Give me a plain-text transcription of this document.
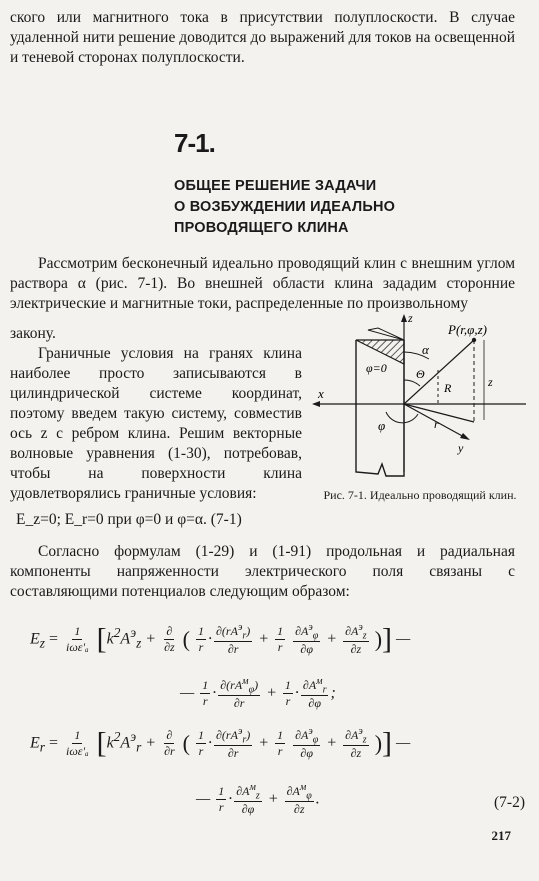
ского или магнитного тока в присутствии полуплоскости. В случае удаленной нити решение доводится до выражений для токов на освещенной и теневой сторонах полуплоскости.
7-1.
ОБЩЕЕ РЕШЕНИЕ ЗАДАЧИ
О ВОЗБУЖДЕНИИ ИДЕАЛЬНО
ПРОВОДЯЩЕГО КЛИНА
Рассмотрим бесконечный идеально проводящий клин с внешним углом раствора α (рис. 7-1). Во внешней области клина зададим сторонние электрические и магнитные токи, распределенные по произвольному
закону.
Граничные условия на гранях клина наиболее просто записываются в цилиндрической системе координат, поэтому введем такую систему, совместив ось z с ребром клина. Решим векторные волновые уравнения (1-30), потребовав, чтобы на поверхности клина удовлетворялись граничные условия:
z
P(r,φ,z)
α
φ=0 Θ
R	z
x
φ	r
y
Рис. 7-1. Идеально проводящий клин.
E_z=0; E_r=0 при φ=0 и φ=α. (7-1)
Согласно формулам (1-29) и (1-91) продольная и радиальная компоненты напряженности электрического поля связаны с составляющими потенциалов следующим образом:
$E_z = \frac{1}{\text{iωε'ₐ}} [k^2A^э_z + \frac{\partial}{\partial z}$ ( $\frac{1}{r} \cdot \frac{\partial(rA^э_r)}{\partial r} + \frac{1}{r}$
$\frac{\partial A^э_\varphi}{\partial\varphi} + \frac{\partial A^э_z}{\partial z}$ )] —
— $\frac{1}{r} \cdot \frac{\partial(rA^м_\varphi)}{\partial r} + \frac{1}{r} \cdot \frac{\partial A^м_r}{\partial\varphi}$ ;
$E_r = \frac{1}{\text{iωε'ₐ}} [k^2A^э_r + \frac{\partial}{\partial r}$ ( $\frac{1}{r} \cdot \frac{\partial(rA^э_r)}{\partial r} + \frac{1}{r}$
$\frac{\partial A^э_\varphi}{\partial\varphi} + \frac{\partial A^э_z}{\partial z}$ )] —
— $\frac{1}{r} \cdot \frac{\partial A^м_z}{\partial\varphi} + \frac{\partial A^м_\varphi}{\partial z}$ .	(7-2)
217
